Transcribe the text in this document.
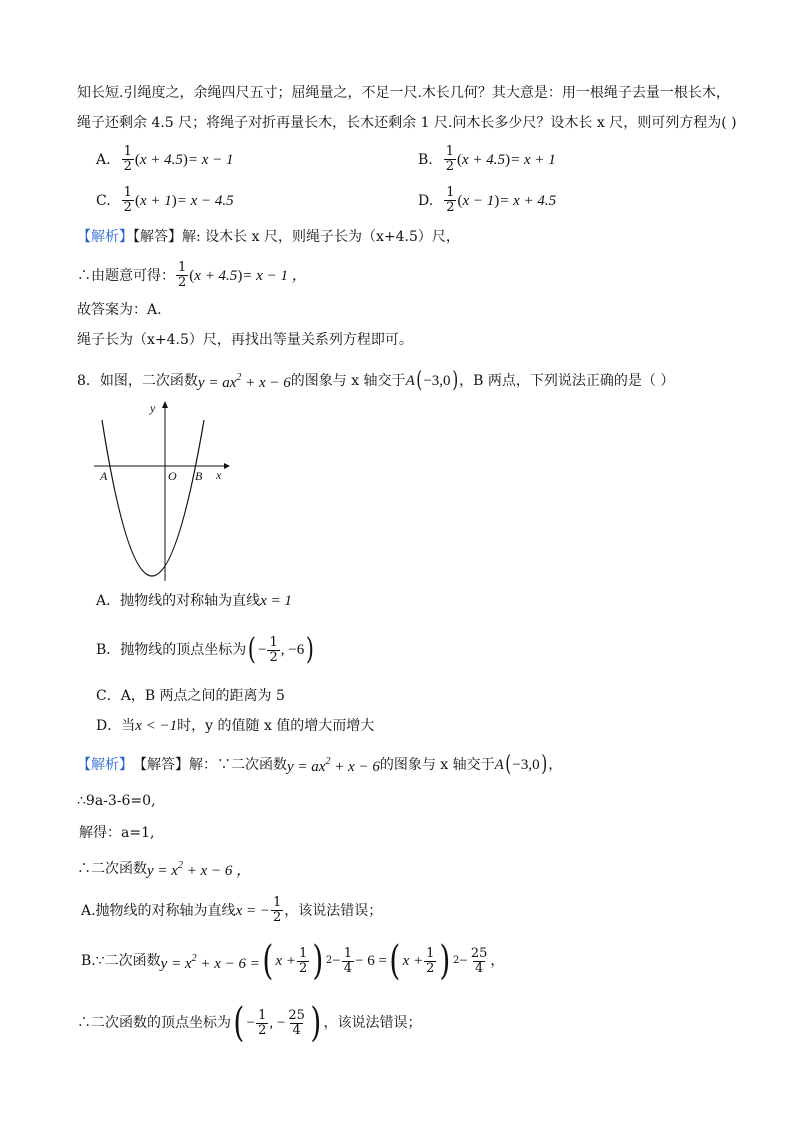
知长短.引绳度之，余绳四尺五寸；屈绳量之，不足一尺.木长几何？其大意是：用一根绳子去量一根长木，
绳子还剩余 4.5 尺；将绳子对折再量长木，长木还剩余 1 尺.问木长多少尺？设木长 x 尺，则可列方程为( )
A. $\frac{1}{2} (x + 4.5) = x - 1$	B. $\frac{1}{2} (x + 4.5) = x + 1$
C. $\frac{1}{2} (x + 1) = x - 4.5$	D. $\frac{1}{2} (x - 1) = x + 4.5$
【解析】【解答】解: 设木长 x 尺，则绳子长为（x+4.5）尺，
∴由题意可得： $\frac{1}{2} (x + 4.5) = x - 1$ ，
故答案为：A.
绳子长为（x+4.5）尺，再找出等量关系列方程即可。
8．如图，二次函数 $y = ax^2 + x - 6$ 的图象与 x 轴交于 A ( −3,0 ) ，B 两点，下列说法正确的是（ ）
y
x
A	O B
A．抛物线的对称轴为直线 x = 1
B．抛物线的顶点坐标为 ( − $\frac{1}{2}$ , −6 )
C．A，B 两点之间的距离为 5
D．当 x < −1 时，y 的值随 x 值的增大而增大
【解析】 【解答】解：∵二次函数 $y = ax^2 + x - 6$ 的图象与 x 轴交于 A ( −3,0 ) ，
∴9a-3-6=0,
解得：a=1,
∴二次函数 $y = x^2 + x - 6$ ，
A.抛物线的对称轴为直线 x = − $\frac{1}{2}$ ，该说法错误；
B.∵二次函数 $y = x^2 + x - 6$ = ( $x + \frac{1}{2}$ ) $2 - \frac{1}{4} - 6$ = ( $x + \frac{1}{2}$ ) $2 - \frac{25}{4}$ ，
∴二次函数的顶点坐标为 ( − $\frac{1}{2}$ , − $\frac{25}{4}$ ) ，该说法错误；
